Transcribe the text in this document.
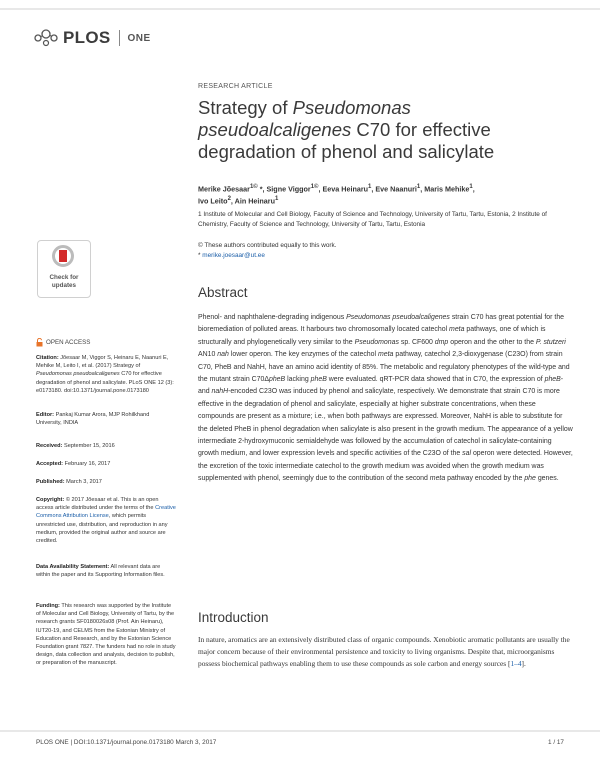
PLOS ONE
RESEARCH ARTICLE
Strategy of Pseudomonas pseudoalcaligenes C70 for effective degradation of phenol and salicylate
Merike Jõesaar$^{1©}$ *, Signe Viggor$^{1©}$, Eeva Heinaru$^1$, Eve Naanuri$^1$, Maris Mehike$^1$,
Ivo Leito$^2$, Ain Heinaru$^1$
1 Institute of Molecular and Cell Biology, Faculty of Science and Technology, University of Tartu, Tartu, Estonia, 2 Institute of Chemistry, Faculty of Science and Technology, University of Tartu, Tartu, Estonia
© These authors contributed equally to this work.
* merike.joesaar@ut.ee
Check for
updates
OPEN ACCESS
Citation: Jõesaar M, Viggor S, Heinaru E, Naanuri E, Mehike M, Leito I, et al. (2017) Strategy of Pseudomonas pseudoalcaligenes C70 for effective degradation of phenol and salicylate. PLoS ONE 12 (3): e0173180. doi:10.1371/journal.pone.0173180
Editor: Pankaj Kumar Arora, MJP Rohilkhand University, INDIA
Received: September 15, 2016
Accepted: February 16, 2017
Published: March 3, 2017
Copyright: © 2017 Jõesaar et al. This is an open access article distributed under the terms of the Creative Commons Attribution License, which permits unrestricted use, distribution, and reproduction in any medium, provided the original author and source are credited.
Data Availability Statement: All relevant data are within the paper and its Supporting Information files.
Funding: This research was supported by the Institute of Molecular and Cell Biology, University of Tartu, by the research grants SF0180026s08 (Prof. Ain Heinaru), IUT20-19, and CELMS from the Estonian Ministry of Education and Research, and by the Estonian Science Foundation grant 7827. The funders had no role in study design, data collection and analysis, decision to publish, or preparation of the manuscript.
Abstract
Phenol- and naphthalene-degrading indigenous Pseudomonas pseudoalcaligenes strain C70 has great potential for the bioremediation of polluted areas. It harbours two chromosomally located catechol meta pathways, one of which is structurally and phylogenetically very similar to the Pseudomonas sp. CF600 dmp operon and the other to the P. stutzeri AN10 nah lower operon. The key enzymes of the catechol meta pathway, catechol 2,3-dioxygenase (C23O) from strain C70, PheB and NahH, have an amino acid identity of 85%. The metabolic and regulatory phenotypes of the wild-type and the mutant strain C70ΔpheB lacking pheB were evaluated. qRT-PCR data showed that in C70, the expression of pheB- and nahH-encoded C23O was induced by phenol and salicylate, respectively. We demonstrate that strain C70 is more effective in the degradation of phenol and salicylate, especially at higher substrate concentrations, when these compounds are present as a mixture; i.e., when both pathways are expressed. Moreover, NahH is able to substitute for the deleted PheB in phenol degradation when salicylate is also present in the growth medium. The appearance of a yellow intermediate 2-hydroxymuconic semialdehyde was followed by the accumulation of catechol in salicylate-containing growth medium, and lower expression levels and specific activities of the C23O of the sal operon were detected. However, the excretion of the toxic intermediate catechol to the growth medium was avoided when the growth medium was supplemented with phenol, seemingly due to the contribution of the second meta pathway encoded by the phe genes.
Introduction
In nature, aromatics are an extensively distributed class of organic compounds. Xenobiotic aromatic pollutants are usually the major concern because of their environmental persistence and toxicity to living organisms. Despite that, microorganisms possess biochemical pathways enabling them to use these compounds as sole carbon and energy sources [1–4].
PLOS ONE | DOI:10.1371/journal.pone.0173180 March 3, 2017	1 / 17
